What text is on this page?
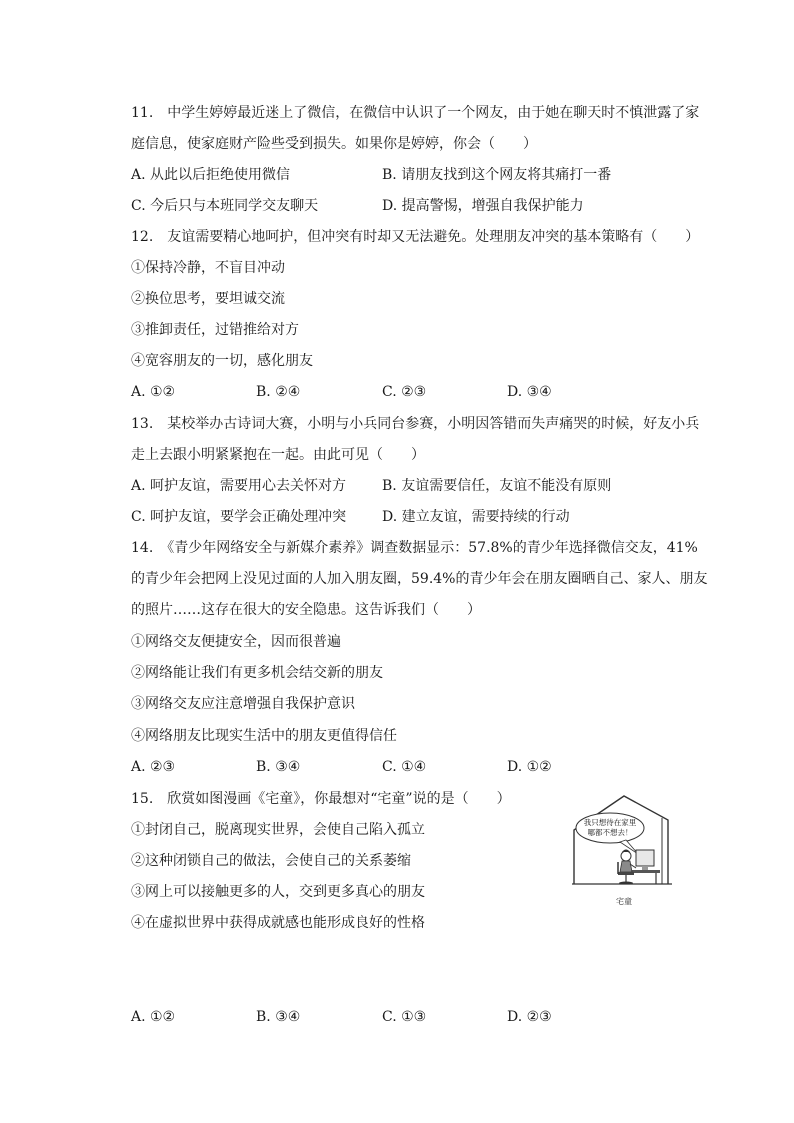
11.　中学生婷婷最近迷上了微信，在微信中认识了一个网友，由于她在聊天时不慎泄露了家
庭信息，使家庭财产险些受到损失。如果你是婷婷，你会（　　）
A. 从此以后拒绝使用微信	B. 请朋友找到这个网友将其痛打一番
C. 今后只与本班同学交友聊天	D. 提高警惕，增强自我保护能力
12.　友谊需要精心地呵护，但冲突有时却又无法避免。处理朋友冲突的基本策略有（　　）
①保持冷静，不盲目冲动
②换位思考，要坦诚交流
③推卸责任，过错推给对方
④宽容朋友的一切，感化朋友
A. ①②	B. ②④	C. ②③	D. ③④
13.　某校举办古诗词大赛，小明与小兵同台参赛，小明因答错而失声痛哭的时候，好友小兵
走上去跟小明紧紧抱在一起。由此可见（　　）
A. 呵护友谊，需要用心去关怀对方	B. 友谊需要信任，友谊不能没有原则
C. 呵护友谊，要学会正确处理冲突	D. 建立友谊，需要持续的行动
14.　《青少年网络安全与新媒介素养》调查数据显示：57.8%的青少年选择微信交友，41%
的青少年会把网上没见过面的人加入朋友圈，59.4%的青少年会在朋友圈晒自己、家人、朋友
的照片……这存在很大的安全隐患。这告诉我们（　　）
①网络交友便捷安全，因而很普遍
②网络能让我们有更多机会结交新的朋友
③网络交友应注意增强自我保护意识
④网络朋友比现实生活中的朋友更值得信任
A. ②③	B. ③④	C. ①④	D. ①②
15.　欣赏如图漫画《宅童》，你最想对“宅童”说的是（　　）
①封闭自己，脱离现实世界，会使自己陷入孤立
②这种闭锁自己的做法，会使自己的关系萎缩
③网上可以接触更多的人，交到更多真心的朋友
④在虚拟世界中获得成就感也能形成良好的性格
我只想待在家里
哪都不想去！
宅童
A. ①②	B. ③④	C. ①③	D. ②③
